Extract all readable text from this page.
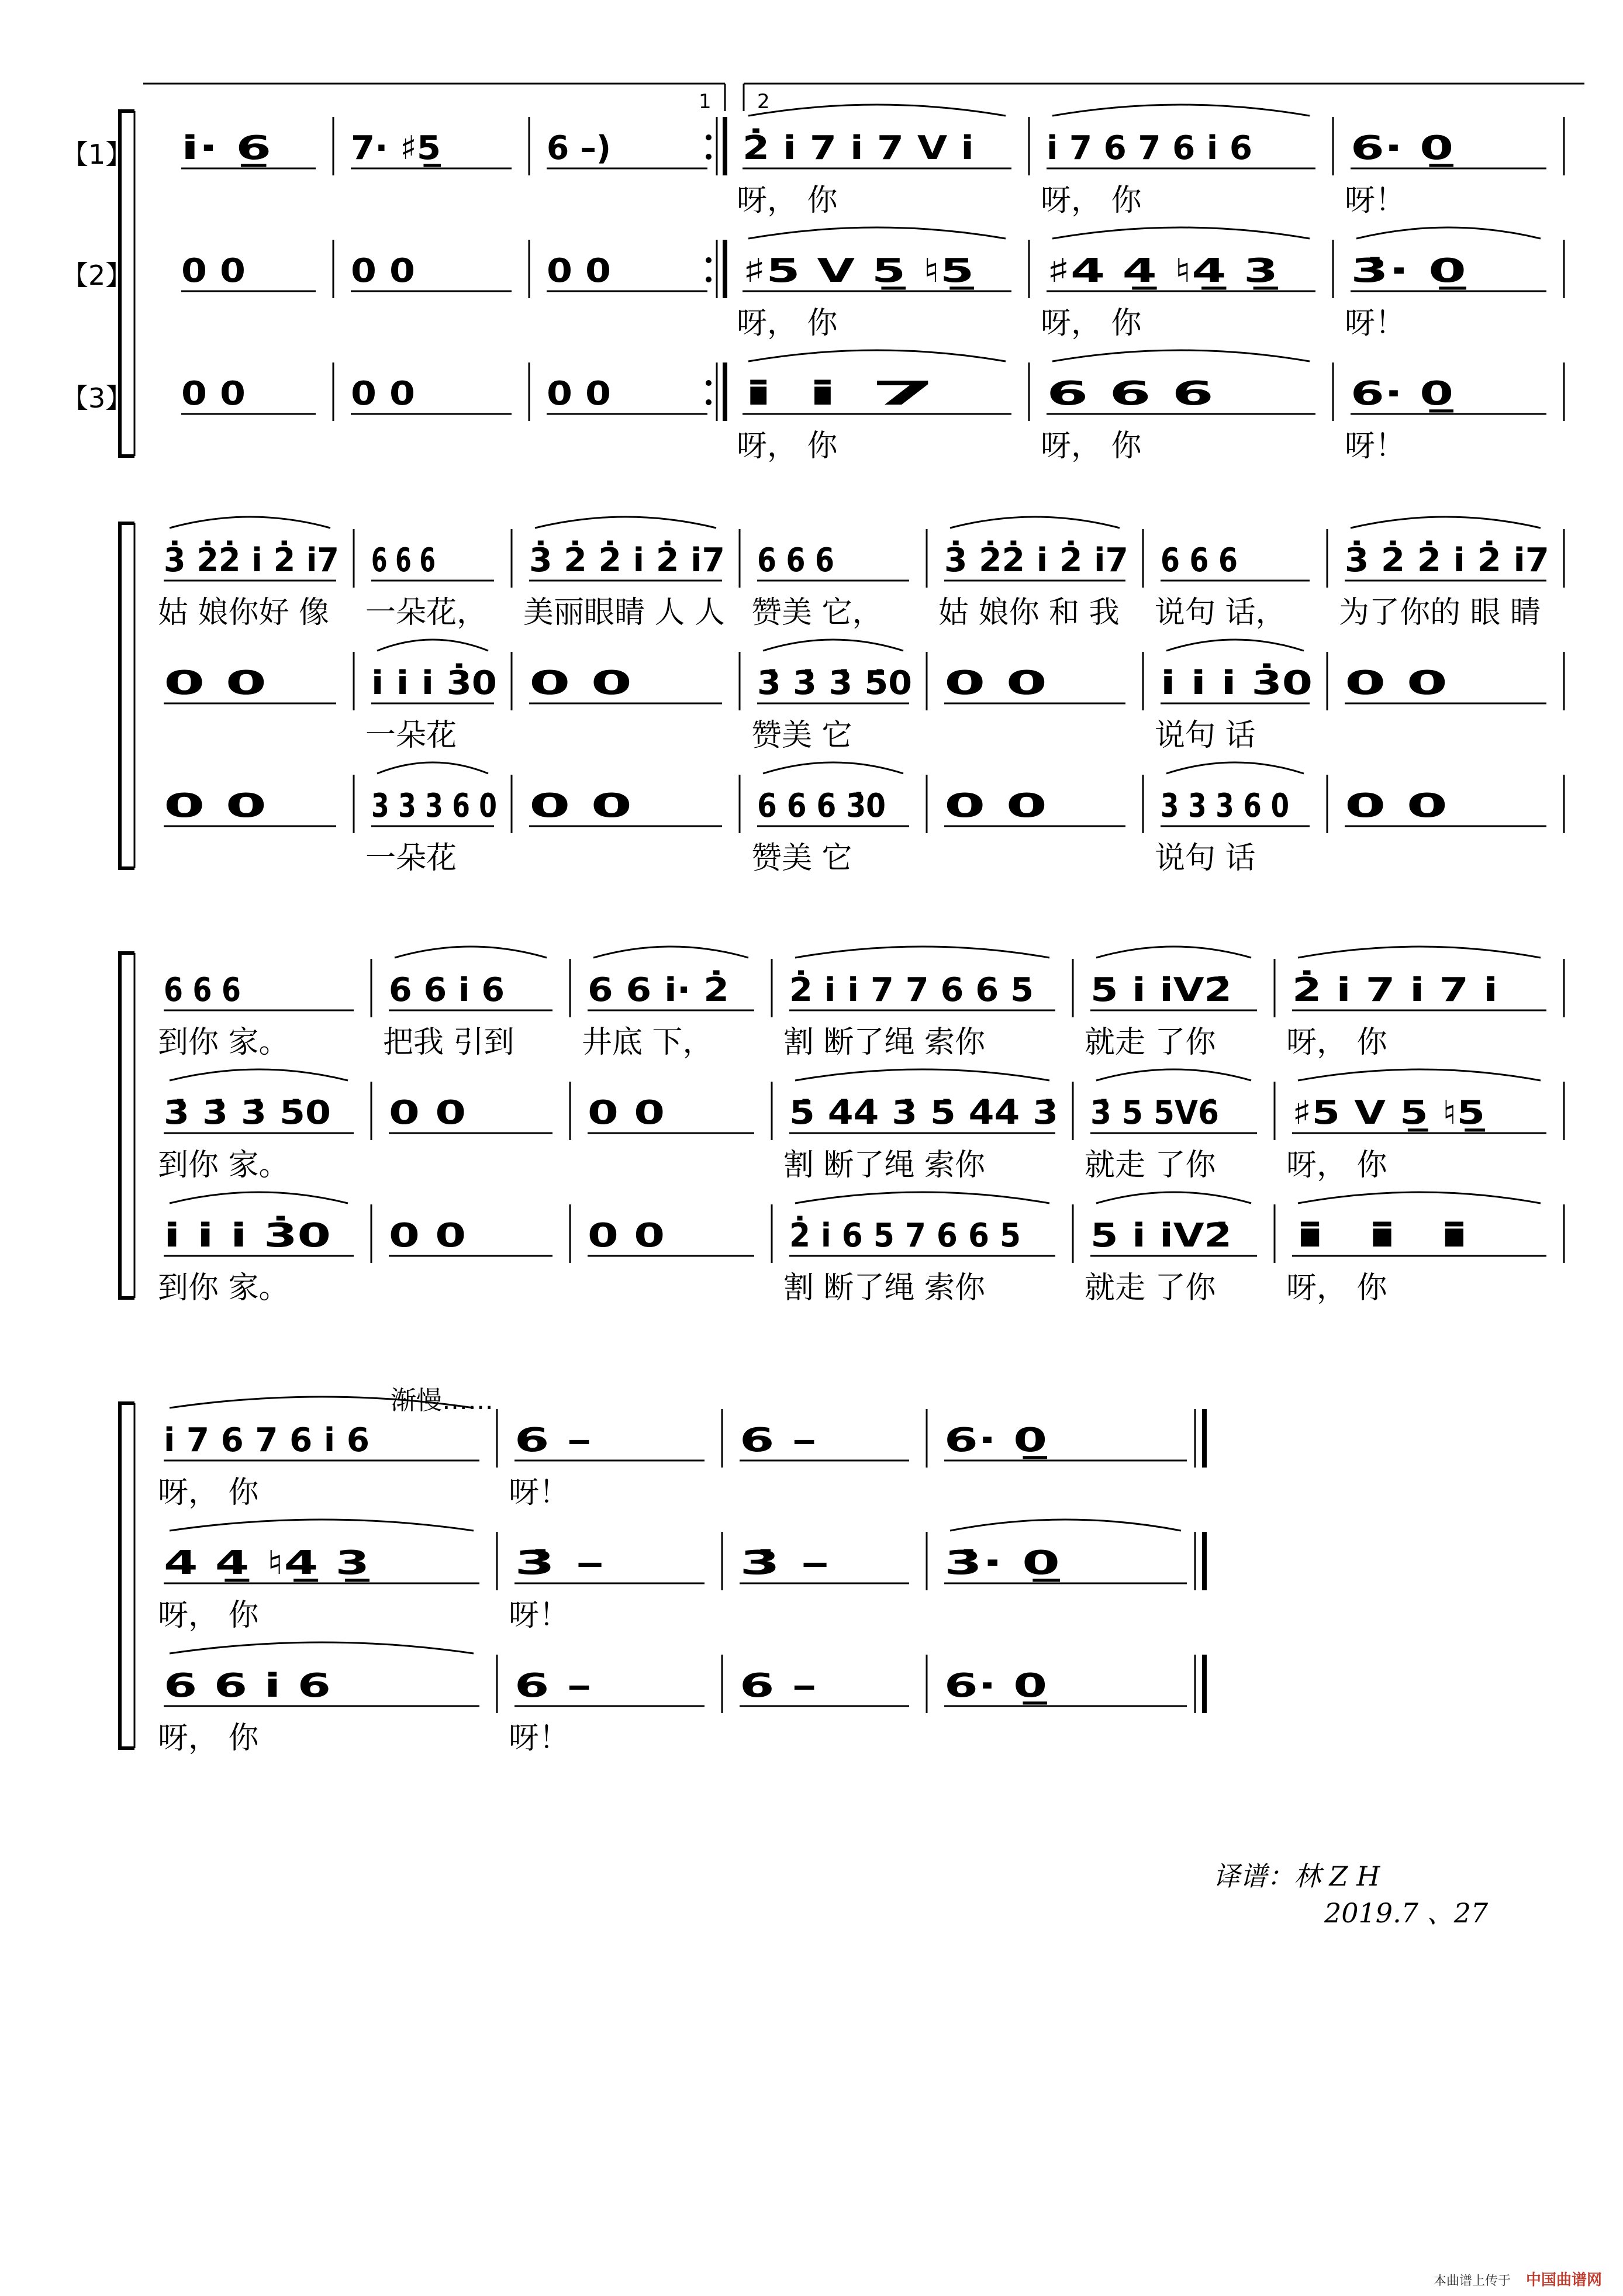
1 2
【1】
【2】
【3】
i̇· 6̲
0 0
0 0
7· ♯5̲
0 0
0 0
6 –)
0 0
0 0
2̇ i̇ 7 i̇ 7 ᐯ i̇
呀， 你
♯5 ᐯ 5̲ ♮5̲
呀， 你
i̇ i̇ 7
呀， 你
i̇ 7 6 7 6 i̇ 6
呀， 你
♯4 4̲ ♮4̲ 3̲
呀， 你
6 6 6
呀， 你
6· 0̲
呀！
3̇· 0̲
呀！
6· 0̲
呀！
3̇ 2̇2̇ i̇ 2̇ i̇7
姑 娘你好 像
0 0
0 0
6 6 6
一朵花，
i̇ i̇ i̇ 3̇0
一朵花
3 3 3 6 0
一朵花
3̇ 2̇ 2̇ i̇ 2̇ i̇7
美丽眼睛 人 人
0 0
0 0
6 6 6
赞美 它，
3̇ 3̇ 3̇ 5̇0
赞美 它
6 6 6 3̇0
赞美 它
3̇ 2̇2̇ i̇ 2̇ i̇7
姑 娘你 和 我
0 0
0 0
6 6 6
说句 话，
i̇ i̇ i̇ 3̇0
说句 话
3 3 3 6 0
说句 话
3̇ 2̇ 2̇ i̇ 2̇ i̇7
为了你的 眼 睛
0 0
0 0
6 6 6
到你 家。
3̇ 3̇ 3̇ 5̇0
到你 家。
i̇ i̇ i̇ 3̇0
到你 家。
6 6 i̇ 6
把我 引到
0 0
0 0
6 6 i̇· 2̇
井底 下，
0 0
0 0
2̇ i̇ i̇ 7 7 6 6 5
割 断了绳 索你
5̇ 4̇4̇ 3̇ 5̇ 4̇4̇ 3̇
割 断了绳 索你
2̇ i̇ 6 5 7 6 6 5
割 断了绳 索你
5 i̇ i̇ᐯ2̇
就走 了你
3̇ 5 5ᐯ6̇
就走 了你
5 i̇ i̇ᐯ2̇
就走 了你
2̇ i̇ 7 i̇ 7 i̇
呀， 你
♯5 ᐯ 5̲ ♮5̲
呀， 你
i̇ i̇ i̇
呀， 你
i̇ 7 6 7 6 i̇ 6
呀， 你
4 4̲ ♮4̲ 3̲
呀， 你
6 6 i̇ 6
呀， 你
6 –
呀！
3̇ –
呀！
6 –
呀！
6 –
3̇ –
6 –
6· 0̲
3̇· 0̲
6· 0̲
渐慢……
译谱：林 Z H
2019.7 、27
本曲谱上传于 中国曲谱网
